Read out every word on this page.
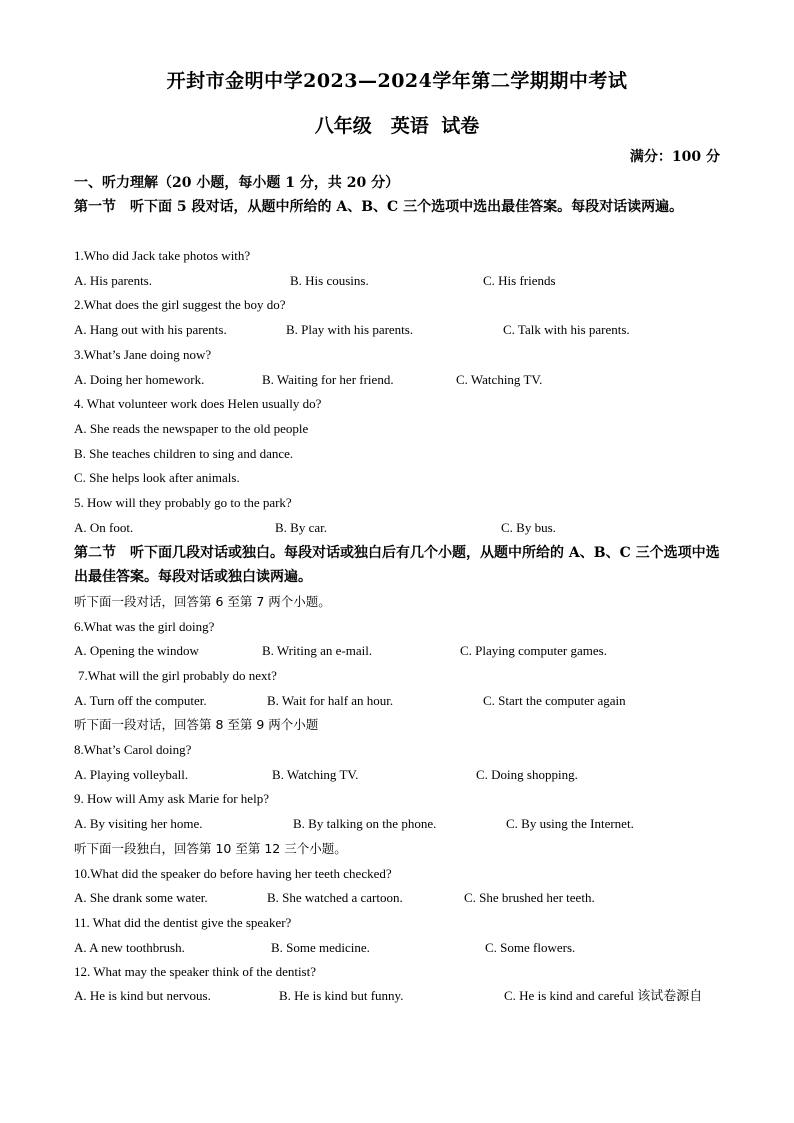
开封市金明中学2023—2024学年第二学期期中考试
八年级　英语 试卷
满分：100 分
一、听力理解（20 小题，每小题 1 分，共 20 分）
第一节　听下面 5 段对话，从题中所给的 A、B、C 三个选项中选出最佳答案。每段对话读两遍。
1.Who did Jack take photos with?
A. His parents.	B. His cousins.	C. His friends
2.What does the girl suggest the boy do?
A. Hang out with his parents.	B. Play with his parents.	C. Talk with his parents.
3.What’s Jane doing now?
A. Doing her homework.	B. Waiting for her friend.	C. Watching TV.
4. What volunteer work does Helen usually do?
A. She reads the newspaper to the old people
B. She teaches children to sing and dance.
C. She helps look after animals.
5. How will they probably go to the park?
A. On foot.	B. By car.	C. By bus.
第二节　听下面几段对话或独白。每段对话或独白后有几个小题，从题中所给的 A、B、C 三个选项中选出最佳答案。每段对话或独白读两遍。
听下面一段对话，回答第 6 至第 7 两个小题。
6.What was the girl doing?
A. Opening the window	B. Writing an e-mail.	C. Playing computer games.
7.What will the girl probably do next?
A. Turn off the computer.	B. Wait for half an hour.	C. Start the computer again
听下面一段对话，回答第 8 至第 9 两个小题
8.What’s Carol doing?
A. Playing volleyball.	B. Watching TV.	C. Doing shopping.
9. How will Amy ask Marie for help?
A. By visiting her home.	B. By talking on the phone.	C. By using the Internet.
听下面一段独白，回答第 10 至第 12 三个小题。
10.What did the speaker do before having her teeth checked?
A. She drank some water.	B. She watched a cartoon.	C. She brushed her teeth.
11. What did the dentist give the speaker?
A. A new toothbrush.	B. Some medicine.	C. Some flowers.
12. What may the speaker think of the dentist?
A. He is kind but nervous.	B. He is kind but funny.	C. He is kind and careful 该试卷源自
